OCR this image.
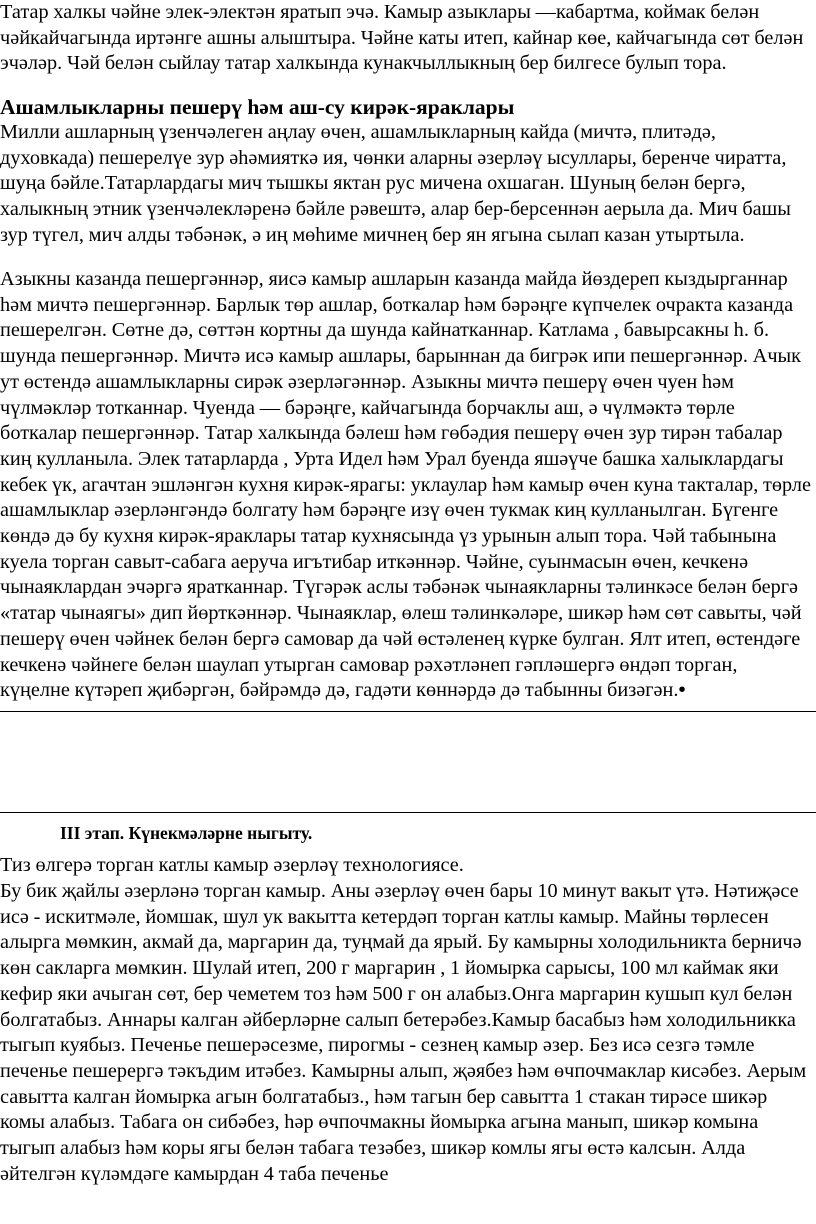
Татар халкы чәйне элек-электән яратып эчә. Камыр азыклары —кабартма, коймак белән чәйкайчагында иртәнге ашны алыштыра. Чәйне каты итеп, кайнар көе, кайчагында сөт белән эчәләр. Чәй белән сыйлау татар халкында кунакчыллыкның бер билгесе булып тора.

Ашамлыкларны пешерү һәм аш-су кирәк-яраклары

Милли ашларның үзенчәлеген аңлау өчен, ашамлыкларның кайда (мичтә, плитәдә, духовкада) пешерелүе зур әһәмияткә ия, чөнки аларны әзерләү ысуллары, беренче чиратта, шуңа бәйле.Татарлардагы мич тышкы яктан рус мичена охшаган. Шуның белән бергә, халыкның этник үзенчәлекләренә бәйле рәвештә, алар бер-берсеннән аерыла да. Мич башы зур түгел, мич алды тәбәнәк, ә иң мөһиме мичнең бер ян ягына сылап казан утыртыла.

Азыкны казанда пешергәннәр, яисә камыр ашларын казанда майда йөздереп кыздырганнар һәм мичтә пешергәннәр. Барлык төр ашлар, боткалар һәм бәрәңге күпчелек очракта казанда пешерелгән. Сөтне дә, сөттән кортны да шунда кайнатканнар. Катлама , бавырсакны һ. б. шунда пешергәннәр. Мичтә исә камыр ашлары, барыннан да бигрәк ипи пешергәннәр. Ачык ут өстендә ашамлыкларны сирәк әзерләгәннәр. Азыкны мичтә пешерү өчен чуен һәм чүлмәкләр тотканнар. Чуенда — бәрәңге, кайчагында борчаклы аш, ә чүлмәктә төрле боткалар пешергәннәр. Татар халкында бәлеш һәм гөбәдия пешерү өчен зур тирән табалар киң кулланыла. Элек татарларда , Урта Идел һәм Урал буенда яшәүче башка халыклардагы кебек үк, агачтан эшләнгән кухня кирәк-ярагы: уклаулар һәм камыр өчен куна такталар, төрле ашамлыклар әзерләнгәндә болгату һәм бәрәңге изү өчен тукмак киң кулланылган. Бүгенге көндә дә бу кухня кирәк-яраклары татар кухнясында үз урынын алып тора. Чәй табынына куела торган савыт-сабага аеруча игътибар иткәннәр. Чәйне, суынмасын өчен, кечкенә чынаяклардан эчәргә яратканнар. Түгәрәк аслы тәбәнәк чынаякларны тәлинкәсе белән бергә «татар чынаягы» дип йөрткәннәр. Чынаяклар, өлеш тәлинкәләре, шикәр һәм сөт савыты, чәй пешерү өчен чәйнек белән бергә самовар да чәй өстәленең күрке булган. Ялт итеп, өстендәге кечкенә чәйнеге белән шаулап утырган самовар рәхәтләнеп гәпләшергә өндәп торган, күңелне күтәреп җибәргән, бәйрәмдә дә, гадәти көннәрдә дә табынны бизәгән.•

III этап. Күнекмәләрне ныгыту.

Тиз өлгерә торган катлы камыр әзерләү технологиясе.

Бу бик җайлы әзерләнә торган камыр. Аны әзерләү өчен бары 10 минут вакыт үтә. Нәтиҗәсе исә - искитмәле, йомшак, шул ук вакытта кетердәп торган катлы камыр. Майны төрлесен алырга мөмкин, акмай да, маргарин да, туңмай да ярый. Бу камырны холодильникта берничә көн сакларга мөмкин. Шулай итеп, 200 г маргарин , 1 йомырка сарысы, 100 мл каймак яки кефир яки ачыган сөт, бер чеметем тоз һәм 500 г он алабыз.Онга маргарин кушып кул белән болгатабыз. Аннары калган әйберләрне салып бетерәбез.Камыр басабыз һәм холодильникка тыгып куябыз. Печенье пешерәсезме, пирогмы - сезнең камыр әзер. Без исә сезгә тәмле печенье пешерергә тәкъдим итәбез. Камырны алып, җәябез һәм өчпочмаклар кисәбез. Аерым савытта калган йомырка агын болгатабыз., һәм тагын бер савытта 1 стакан тирәсе шикәр комы алабыз. Табага он сибәбез, һәр өчпочмакны йомырка агына манып, шикәр комына тыгып алабыз һәм коры ягы белән табага тезәбез, шикәр комлы ягы өстә калсын. Алда әйтелгән күләмдәге камырдан 4 таба печенье
